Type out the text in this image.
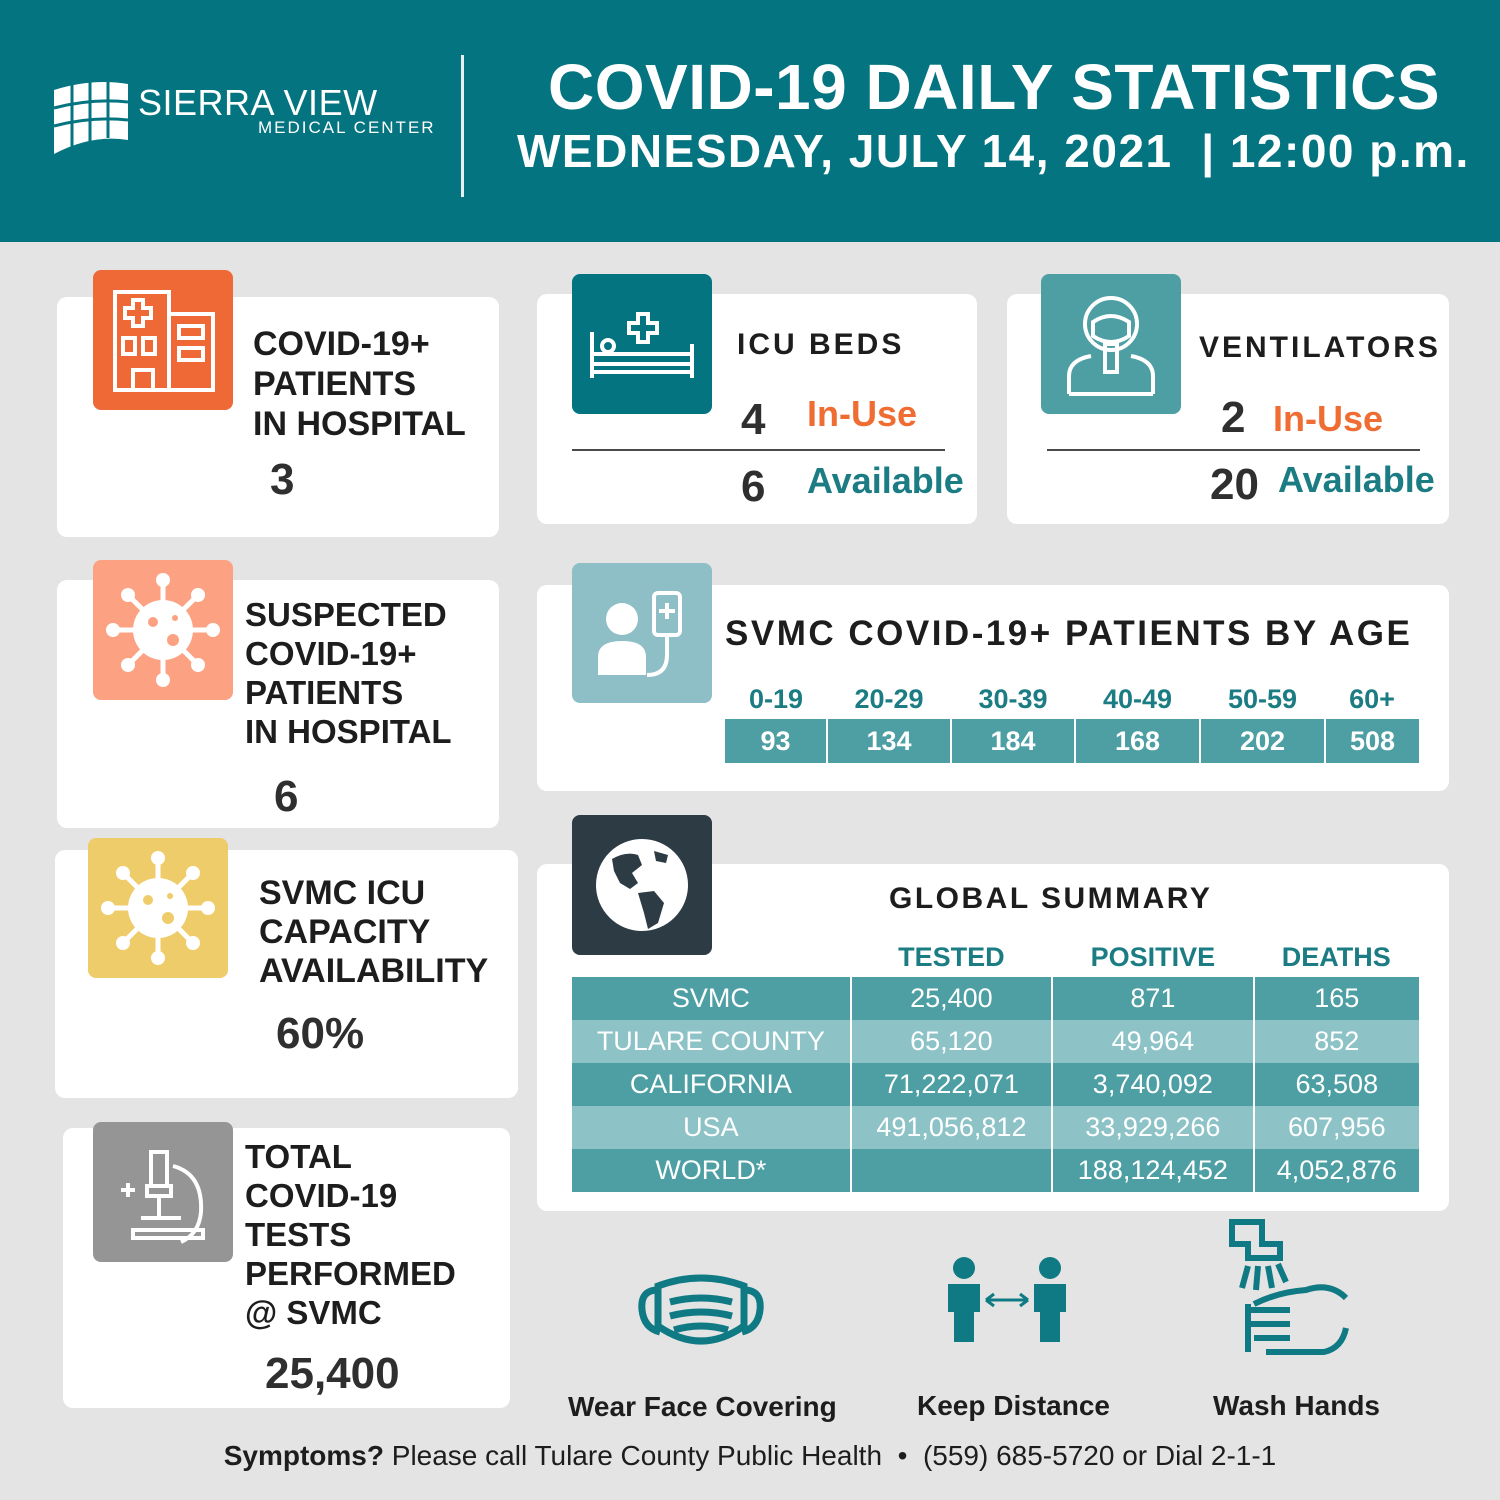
SIERRA VIEW
MEDICAL CENTER
COVID-19 DAILY STATISTICS
WEDNESDAY, JULY 14, 2021  | 12:00 p.m.
COVID-19+
PATIENTS
IN HOSPITAL
3
SUSPECTED
COVID-19+
PATIENTS
IN HOSPITAL
6
SVMC ICU
CAPACITY
AVAILABILITY
60%
TOTAL
COVID-19
TESTS
PERFORMED
@ SVMC
25,400
ICU BEDS
4 In-Use
6 Available
VENTILATORS
2 In-Use
20 Available
SVMC COVID-19+ PATIENTS BY AGE
0-19	20-29	30-39	40-49	50-59	60+
93	134	184	168	202	508
GLOBAL SUMMARY
	TESTED	POSITIVE	DEATHS
SVMC	25,400	871	165
TULARE COUNTY	65,120	49,964	852
CALIFORNIA	71,222,071	3,740,092	63,508
USA	491,056,812	33,929,266	607,956
WORLD*		188,124,452	4,052,876
Wear Face Covering	Keep Distance	Wash Hands
Symptoms? Please call Tulare County Public Health  •  (559) 685-5720 or Dial 2-1-1
